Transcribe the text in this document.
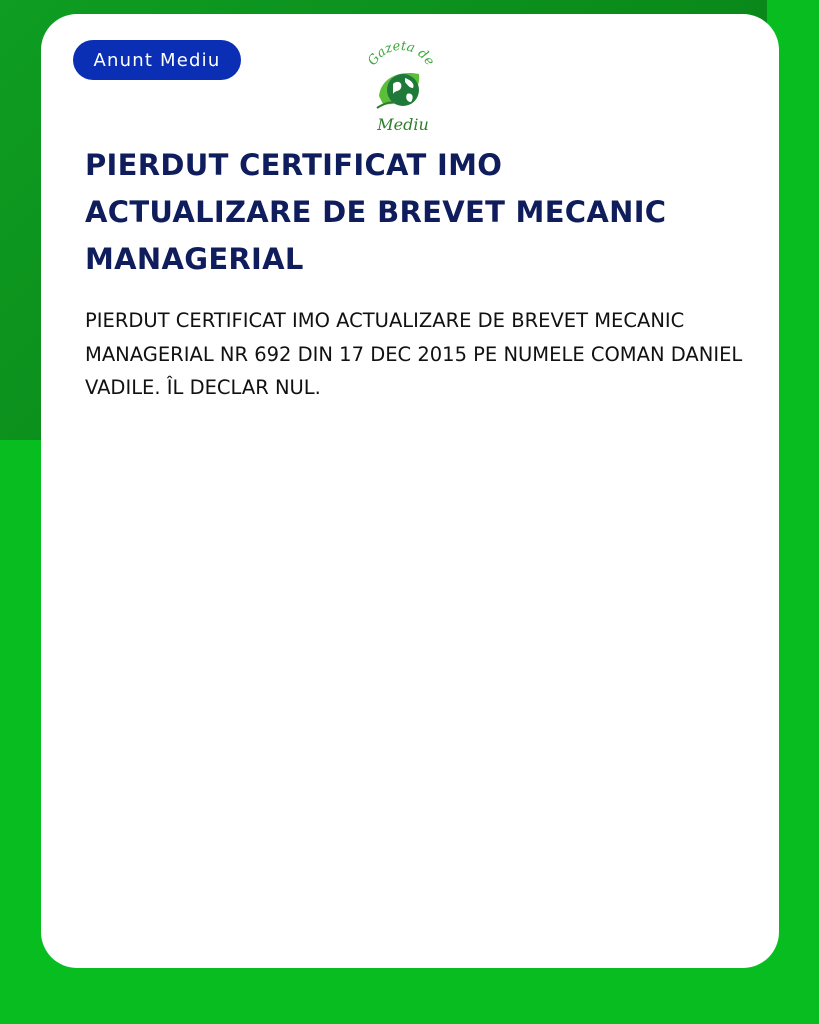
Anunt Mediu	Gazeta de
Mediu
PIERDUT CERTIFICAT IMO ACTUALIZARE DE BREVET MECANIC MANAGERIAL

PIERDUT CERTIFICAT IMO ACTUALIZARE DE BREVET MECANIC MANAGERIAL NR 692 DIN 17 DEC 2015 PE NUMELE COMAN DANIEL VADILE. ÎL DECLAR NUL.
